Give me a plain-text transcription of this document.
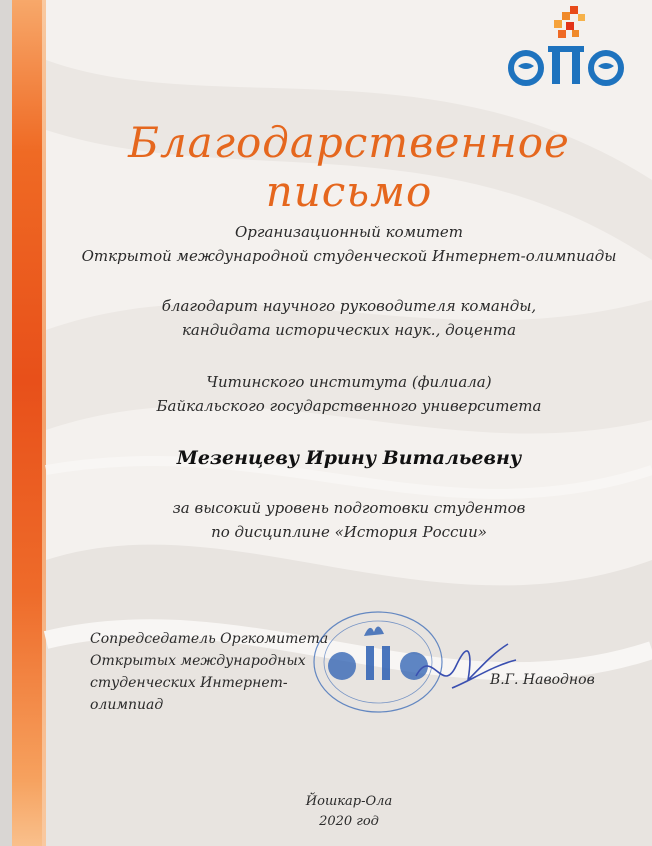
Благодарственное письмо
Организационный комитет
Открытой международной студенческой Интернет-олимпиады
благодарит научного руководителя команды,
кандидата исторических наук., доцента
Читинского института (филиала)
Байкальского государственного университета
Мезенцеву Ирину Витальевну
за высокий уровень подготовки студентов
по дисциплине «История России»
Сопредседатель Оргкомитета
Открытых международных
студенческих Интернет-олимпиад
В.Г. Наводнов
Йошкар-Ола
2020 год
